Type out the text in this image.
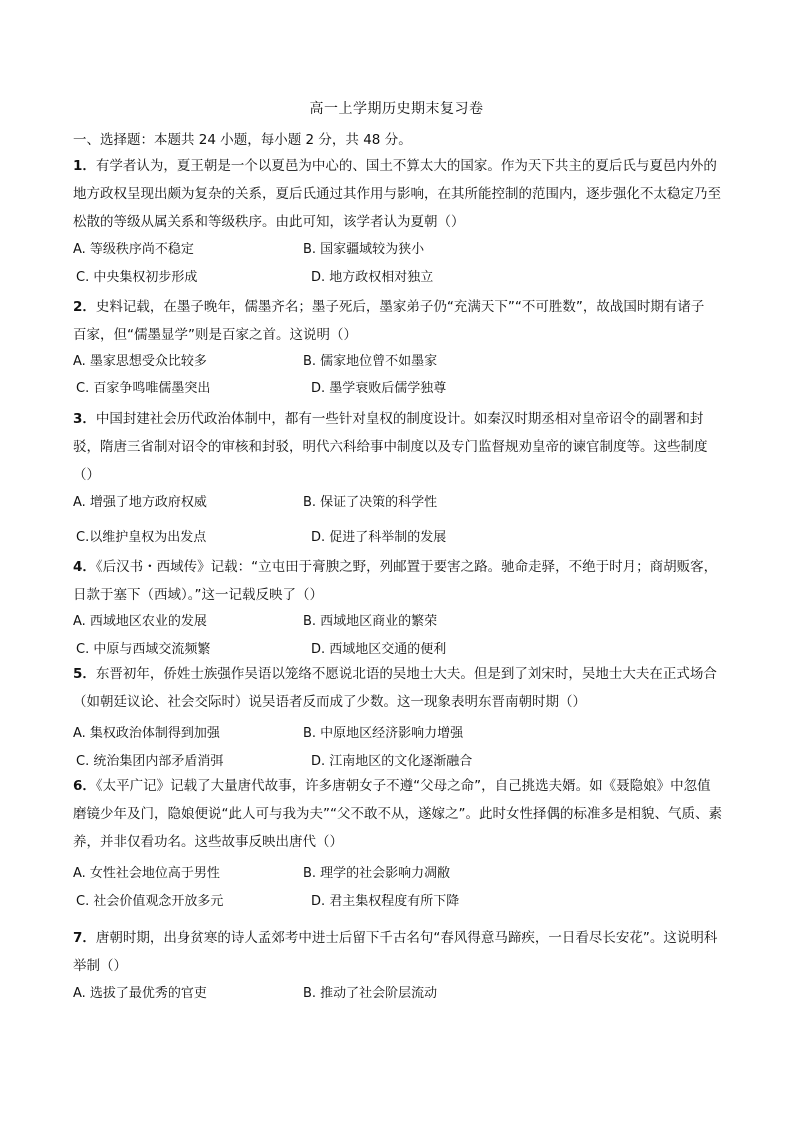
高一上学期历史期末复习卷
一、选择题：本题共 24 小题，每小题 2 分，共 48 分。

1．有学者认为，夏王朝是一个以夏邑为中心的、国土不算太大的国家。作为天下共主的夏后氏与夏邑内外的地方政权呈现出颇为复杂的关系，夏后氏通过其作用与影响，在其所能控制的范围内，逐步强化不太稳定乃至松散的等级从属关系和等级秩序。由此可知，该学者认为夏朝（）

A. 等级秩序尚不稳定	B. 国家疆域较为狭小
C. 中央集权初步形成	D. 地方政权相对独立

2．史料记载，在墨子晚年，儒墨齐名；墨子死后，墨家弟子仍“充满天下”“不可胜数”，故战国时期有诸子百家，但“儒墨显学”则是百家之首。这说明（）

A. 墨家思想受众比较多	B. 儒家地位曾不如墨家
C. 百家争鸣唯儒墨突出	D. 墨学衰败后儒学独尊

3．中国封建社会历代政治体制中，都有一些针对皇权的制度设计。如秦汉时期丞相对皇帝诏令的副署和封驳，隋唐三省制对诏令的审核和封驳，明代六科给事中制度以及专门监督规劝皇帝的谏官制度等。这些制度（）

A. 增强了地方政府权威	B. 保证了决策的科学性
C.以维护皇权为出发点	D. 促进了科举制的发展

4．《后汉书・西域传》记载：“立屯田于膏腴之野，列邮置于要害之路。驰命走驿，不绝于时月；商胡贩客，日款于塞下（西域）。”这一记载反映了（）

A. 西域地区农业的发展	B. 西域地区商业的繁荣
C. 中原与西域交流频繁	D. 西域地区交通的便利

5．东晋初年，侨姓士族强作吴语以笼络不愿说北语的吴地士大夫。但是到了刘宋时，吴地士大夫在正式场合（如朝廷议论、社会交际时）说吴语者反而成了少数。这一现象表明东晋南朝时期（）

A. 集权政治体制得到加强	B. 中原地区经济影响力增强
C. 统治集团内部矛盾消弭	D. 江南地区的文化逐渐融合

6．《太平广记》记载了大量唐代故事，许多唐朝女子不遵“父母之命”，自己挑选夫婿。如《聂隐娘》中忽值磨镜少年及门，隐娘便说“此人可与我为夫”“父不敢不从，遂嫁之”。此时女性择偶的标准多是相貌、气质、素养，并非仅看功名。这些故事反映出唐代（）

A. 女性社会地位高于男性	B. 理学的社会影响力凋敝
C. 社会价值观念开放多元	D. 君主集权程度有所下降

7．唐朝时期，出身贫寒的诗人孟郊考中进士后留下千古名句“春风得意马蹄疾，一日看尽长安花”。这说明科举制（）

A. 选拔了最优秀的官吏	B. 推动了社会阶层流动
